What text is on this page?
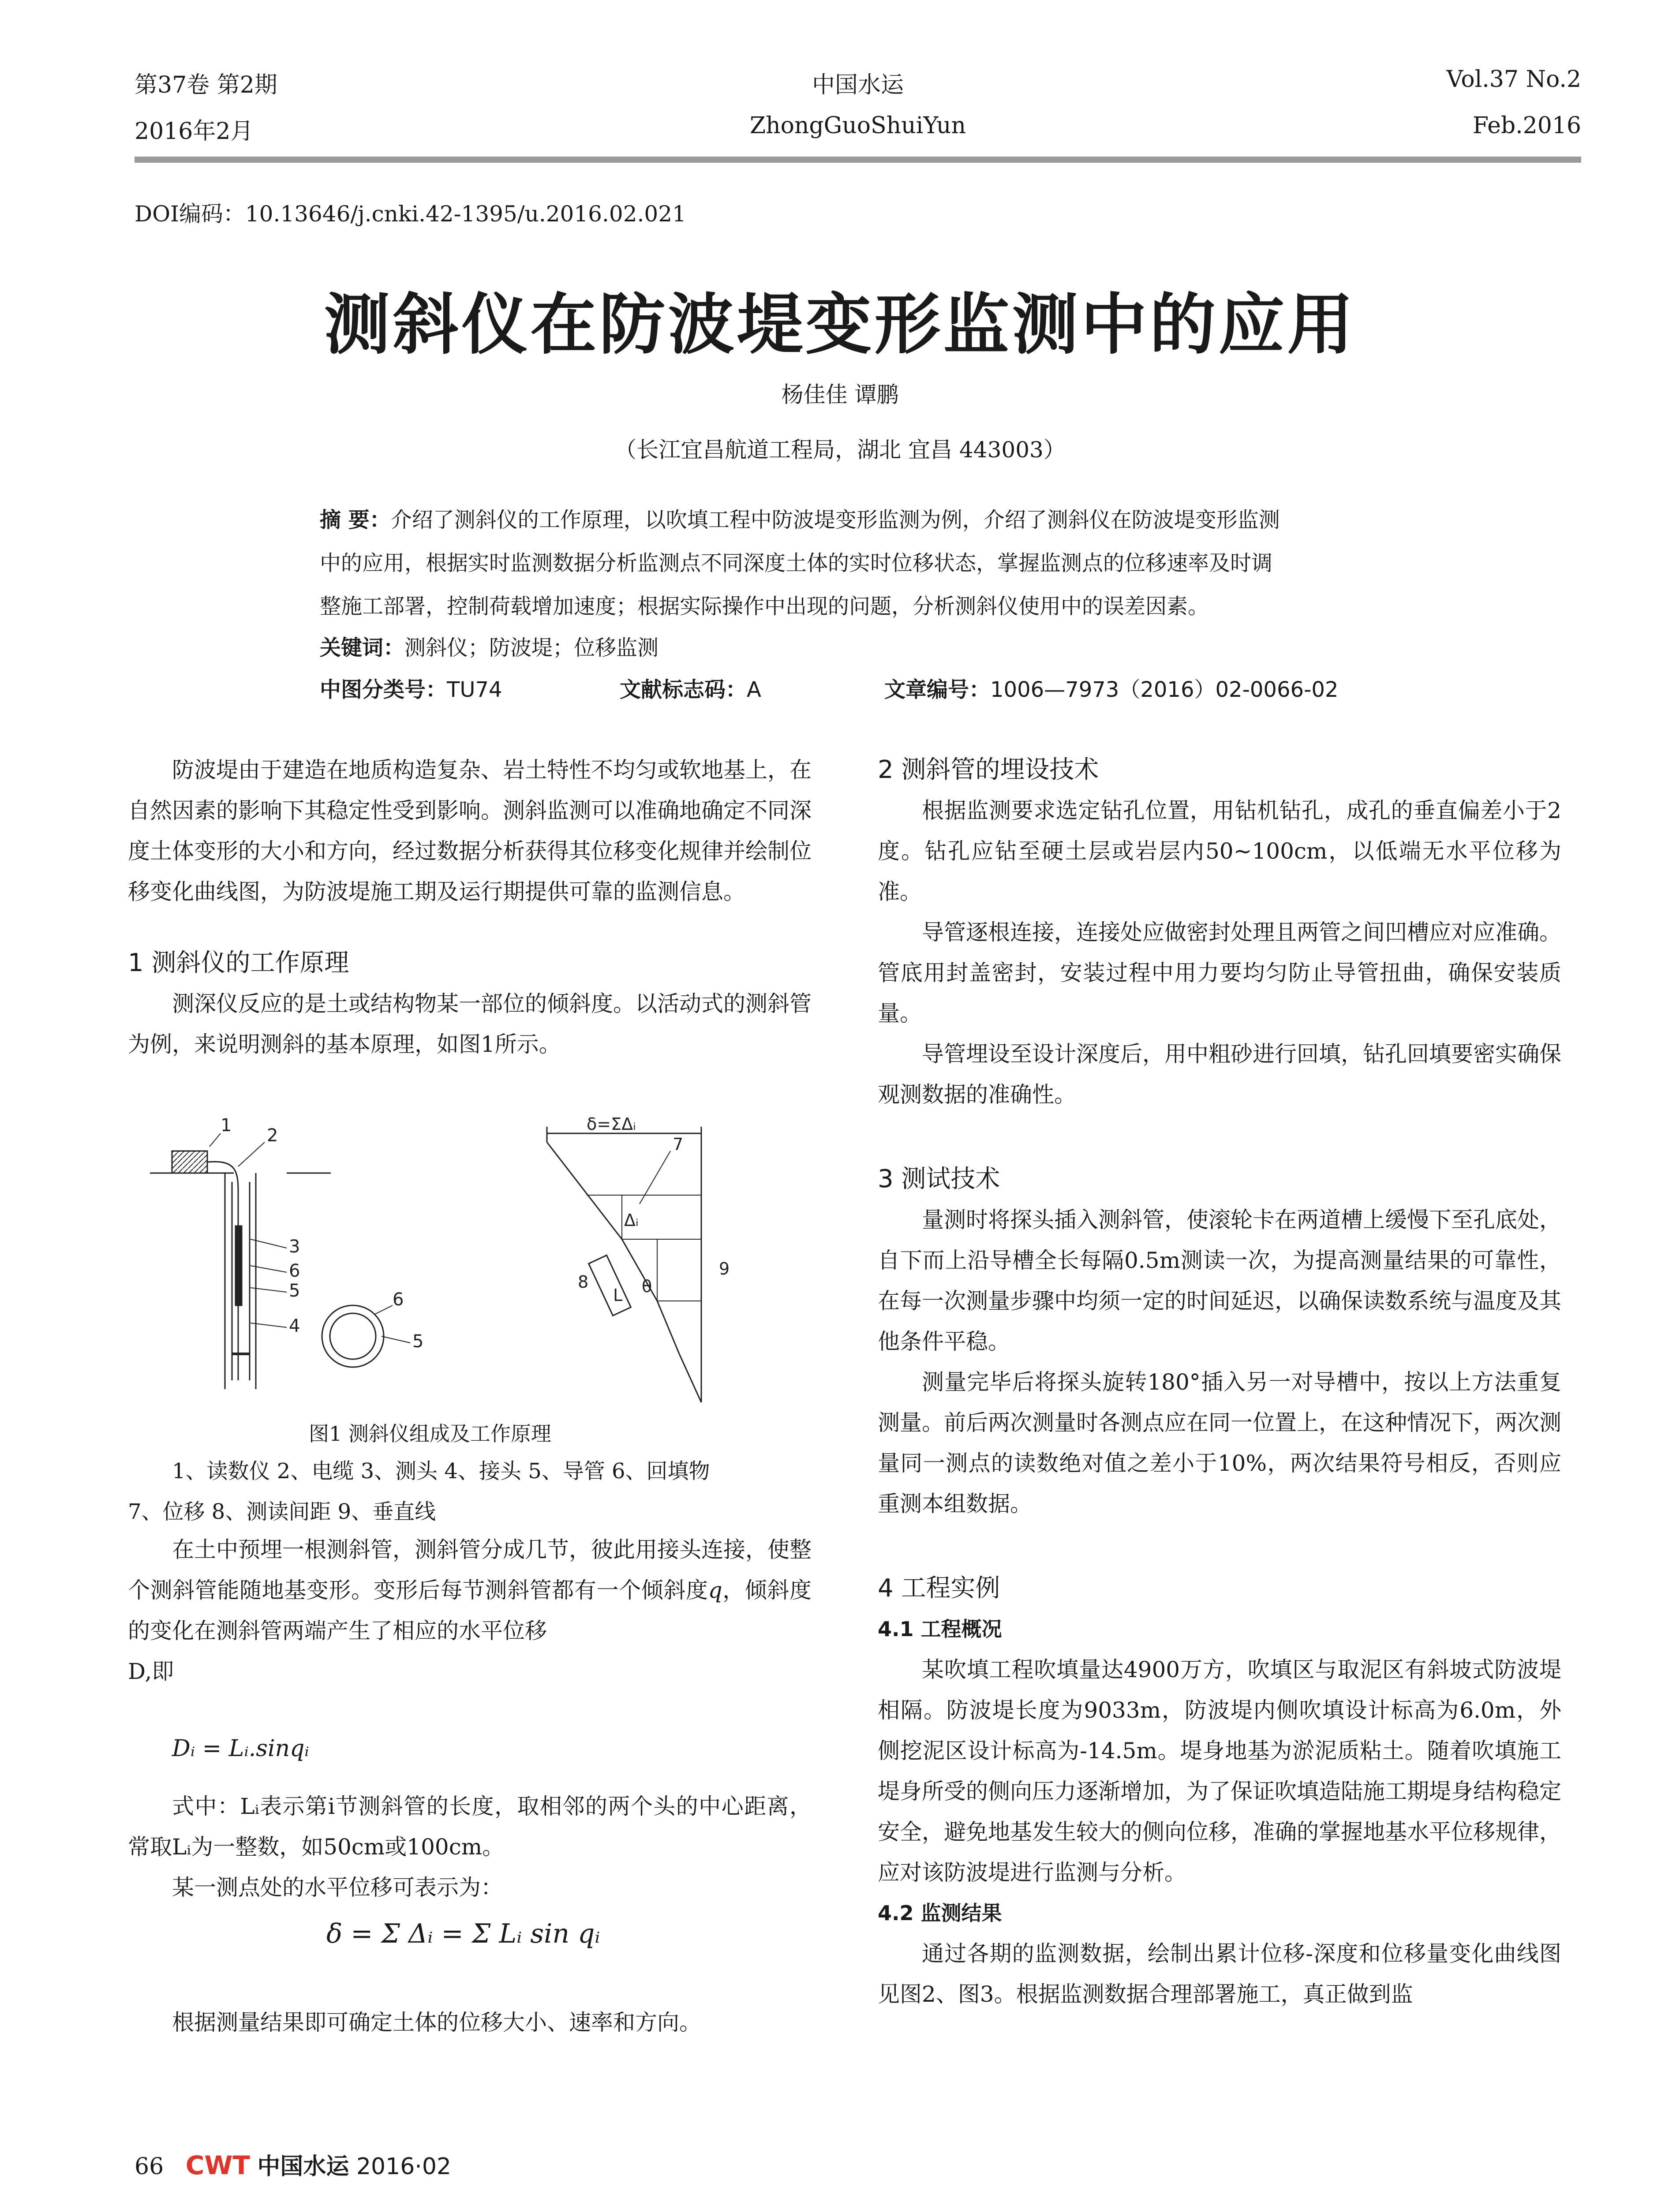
第37卷 第2期	中国水运	Vol.37 No.2
2016年2月	ZhongGuoShuiYun	Feb.2016
DOI编码：10.13646/j.cnki.42-1395/u.2016.02.021
测斜仪在防波堤变形监测中的应用
杨佳佳 谭鹏
（长江宜昌航道工程局，湖北 宜昌 443003）
摘 要：介绍了测斜仪的工作原理，以吹填工程中防波堤变形监测为例，介绍了测斜仪在防波堤变形监测
中的应用，根据实时监测数据分析监测点不同深度土体的实时位移状态，掌握监测点的位移速率及时调
整施工部署，控制荷载增加速度；根据实际操作中出现的问题，分析测斜仪使用中的误差因素。
关键词：测斜仪；防波堤；位移监测
中图分类号：TU74	文献标志码：A	文章编号：1006—7973（2016）02-0066-02

防波堤由于建造在地质构造复杂、岩土特性不均匀或软地基上，在自然因素的影响下其稳定性受到影响。测斜监测可以准确地确定不同深度土体变形的大小和方向，经过数据分析获得其位移变化规律并绘制位移变化曲线图，为防波堤施工期及运行期提供可靠的监测信息。

1 测斜仪的工作原理

测深仪反应的是土或结构物某一部位的倾斜度。以活动式的测斜管为例，来说明测斜的基本原理，如图1所示。

1 2
3
6
5
4
6
5
δ=ΣΔᵢ
7
Δᵢ
9
8
L θ
图1 测斜仪组成及工作原理
1、读数仪 2、电缆 3、测头 4、接头 5、导管 6、回填物
7、位移 8、测读间距 9、垂直线

在土中预埋一根测斜管，测斜管分成几节，彼此用接头连接，使整个测斜管能随地基变形。变形后每节测斜管都有一个倾斜度q，倾斜度的变化在测斜管两端产生了相应的水平位移

D,即

Dᵢ = Lᵢ.sinqᵢ

式中：Lᵢ表示第i节测斜管的长度，取相邻的两个头的中心距离，常取Lᵢ为一整数，如50cm或100cm。

某一测点处的水平位移可表示为：

δ = Σ Δᵢ = Σ Lᵢ sin qᵢ

根据测量结果即可确定土体的位移大小、速率和方向。

2 测斜管的埋设技术

根据监测要求选定钻孔位置，用钻机钻孔，成孔的垂直偏差小于2度。钻孔应钻至硬土层或岩层内50~100cm，以低端无水平位移为准。

导管逐根连接，连接处应做密封处理且两管之间凹槽应对应准确。管底用封盖密封，安装过程中用力要均匀防止导管扭曲，确保安装质量。

导管埋设至设计深度后，用中粗砂进行回填，钻孔回填要密实确保观测数据的准确性。

3 测试技术

量测时将探头插入测斜管，使滚轮卡在两道槽上缓慢下至孔底处，自下而上沿导槽全长每隔0.5m测读一次，为提高测量结果的可靠性，在每一次测量步骤中均须一定的时间延迟，以确保读数系统与温度及其他条件平稳。

测量完毕后将探头旋转180°插入另一对导槽中，按以上方法重复测量。前后两次测量时各测点应在同一位置上，在这种情况下，两次测量同一测点的读数绝对值之差小于10%，两次结果符号相反，否则应重测本组数据。

4 工程实例
4.1 工程概况

某吹填工程吹填量达4900万方，吹填区与取泥区有斜坡式防波堤相隔。防波堤长度为9033m，防波堤内侧吹填设计标高为6.0m，外侧挖泥区设计标高为-14.5m。堤身地基为淤泥质粘土。随着吹填施工堤身所受的侧向压力逐渐增加，为了保证吹填造陆施工期堤身结构稳定安全，避免地基发生较大的侧向位移，准确的掌握地基水平位移规律，应对该防波堤进行监测与分析。

4.2 监测结果

通过各期的监测数据，绘制出累计位移-深度和位移量变化曲线图见图2、图3。根据监测数据合理部署施工，真正做到监

66 CWT 中国水运 2016·02
